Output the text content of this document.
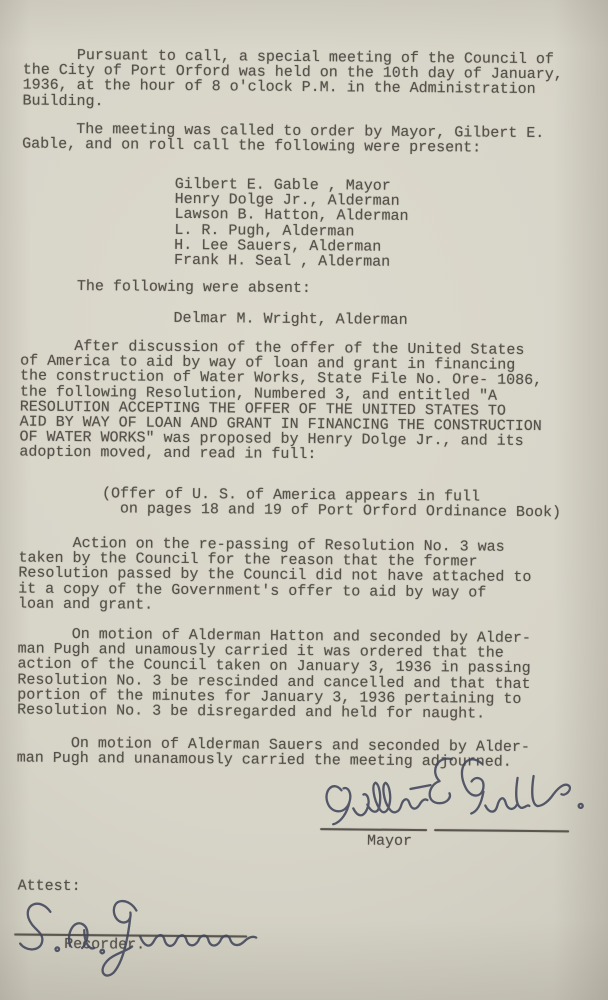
Pursuant to call, a special meeting of the Council of
the City of Port Orford was held on the 10th day of January,
1936, at the hour of 8 o'clock P.M. in the Administration
Building.
The meeting was called to order by Mayor, Gilbert E.
Gable, and on roll call the following were present:
Gilbert E. Gable , Mayor
Henry Dolge Jr., Alderman
Lawson B. Hatton, Alderman
L. R. Pugh, Alderman
H. Lee Sauers, Alderman
Frank H. Seal , Alderman
The following were absent:
Delmar M. Wright, Alderman
After discussion of the offer of the United States
of America to aid by way of loan and grant in financing
the construction of Water Works, State File No. Ore- 1086,
the following Resolution, Numbered 3, and entitled "A
RESOLUTION ACCEPTING THE OFFER OF THE UNITED STATES TO
AID BY WAY OF LOAN AND GRANT IN FINANCING THE CONSTRUCTION
OF WATER WORKS" was proposed by Henry Dolge Jr., and its
adoption moved, and read in full:
(Offer of U. S. of America appears in full
on pages 18 and 19 of Port Orford Ordinance Book)
Action on the re-passing of Resolution No. 3 was
taken by the Council for the reason that the former
Resolution passed by the Council did not have attached to
it a copy of the Government's offer to aid by way of
loan and grant.
On motion of Alderman Hatton and seconded by Alder-
man Pugh and unamously carried it was ordered that the
action of the Council taken on January 3, 1936 in passing
Resolution No. 3 be rescinded and cancelled and that that
portion of the minutes for January 3, 1936 pertaining to
Resolution No. 3 be disregarded and held for naught.
On motion of Alderman Sauers and seconded by Alder-
man Pugh and unanamously carried the meeting adjourned.
Mayor
Attest:
Recorder.
